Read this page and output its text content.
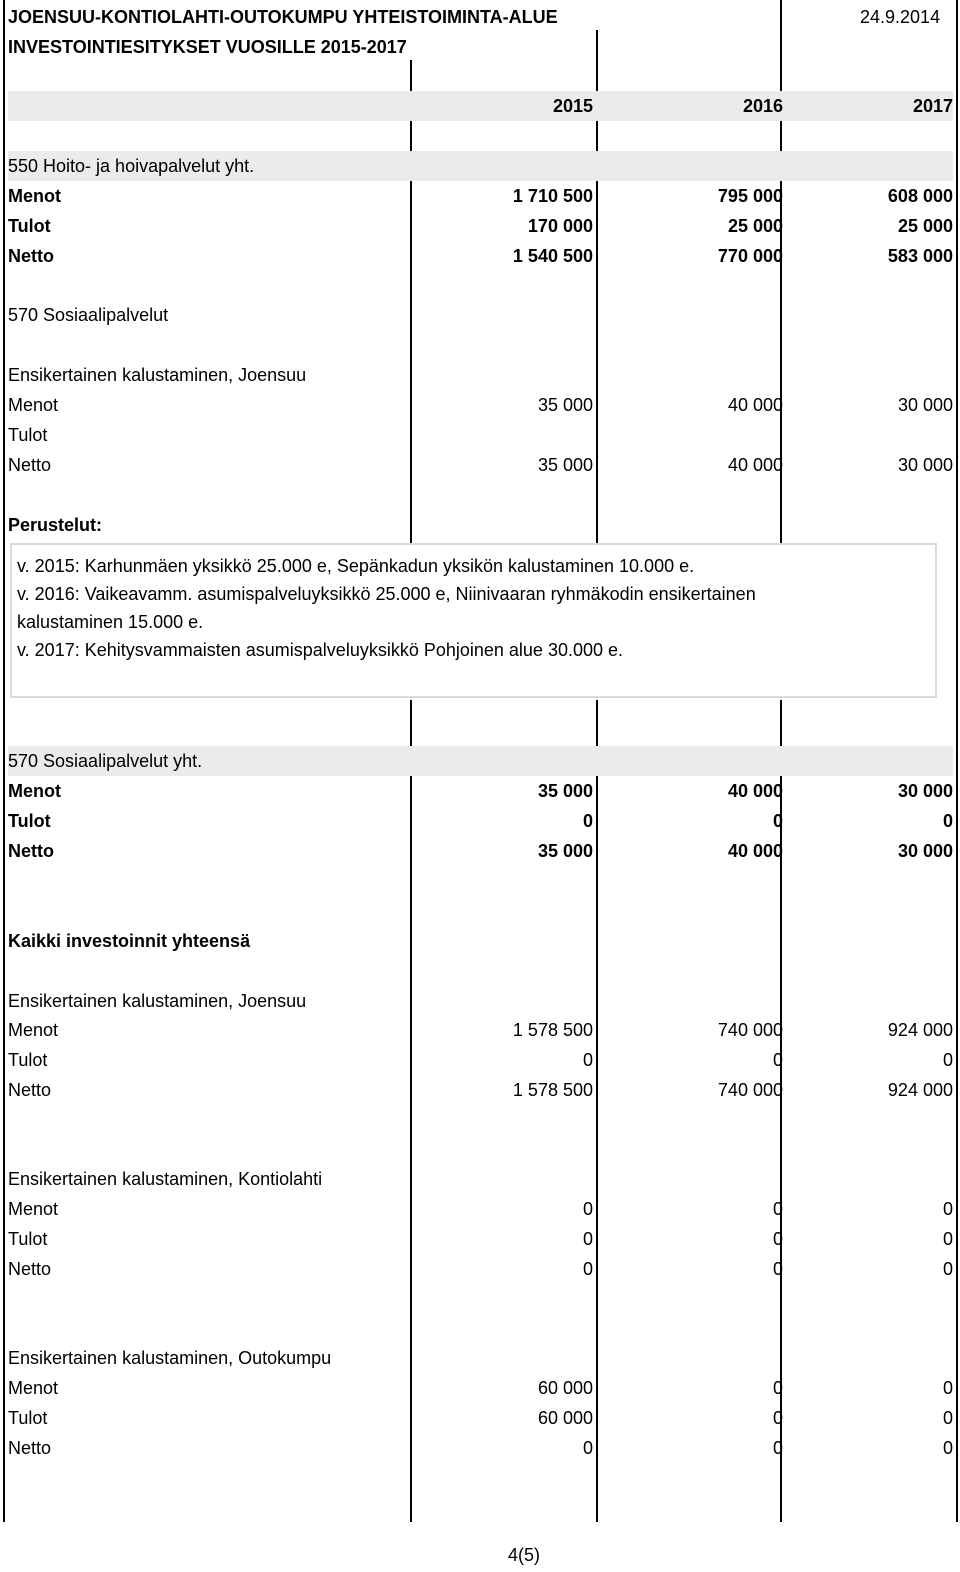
JOENSUU-KONTIOLAHTI-OUTOKUMPU YHTEISTOIMINTA-ALUE	24.9.2014
INVESTOINTIESITYKSET VUOSILLE 2015-2017
2015	2016	2017
550 Hoito- ja hoivapalvelut yht.
Menot	1 710 500	795 000	608 000
Tulot	170 000	25 000	25 000
Netto	1 540 500	770 000	583 000
570 Sosiaalipalvelut
Ensikertainen kalustaminen, Joensuu
Menot	35 000	40 000	30 000
Tulot
Netto	35 000	40 000	30 000
Perustelut:
v. 2015: Karhunmäen yksikkö 25.000 e, Sepänkadun yksikön kalustaminen 10.000 e.
v. 2016: Vaikeavamm. asumispalveluyksikkö 25.000 e, Niinivaaran ryhmäkodin ensikertainen
kalustaminen 15.000 e.
v. 2017: Kehitysvammaisten asumispalveluyksikkö Pohjoinen alue 30.000 e.
570 Sosiaalipalvelut yht.
Menot	35 000	40 000	30 000
Tulot	0	0	0
Netto	35 000	40 000	30 000
Kaikki investoinnit yhteensä
Ensikertainen kalustaminen, Joensuu
Menot	1 578 500	740 000	924 000
Tulot	0	0	0
Netto	1 578 500	740 000	924 000
Ensikertainen kalustaminen, Kontiolahti
Menot	0	0	0
Tulot	0	0	0
Netto	0	0	0
Ensikertainen kalustaminen, Outokumpu
Menot	60 000	0	0
Tulot	60 000	0	0
Netto	0	0	0
4(5)
